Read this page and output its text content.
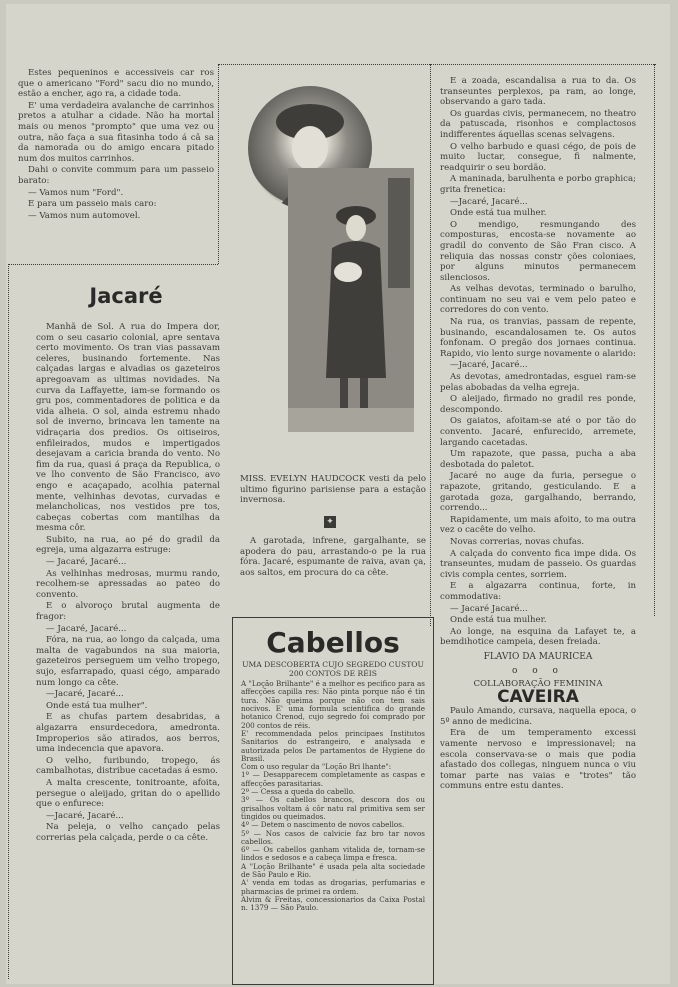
Estes pequeninos e accessiveis car ros que o americano "Ford" sacu dio no mundo, estão a encher, ago ra, a cidade toda.

E' uma verdadeira avalanche de carrinhos pretos a atulhar a cidade. Não ha mortal mais ou menos "prompto" que uma vez ou outra, não faça a sua fitasinha todo á câ sa da namorada ou do amigo encara pitado num dos muitos carrinhos.

Dahi o convite commum para um passeio barato:

— Vamos num "Ford".

E para um passeio mais caro:

— Vamos num automovel.

Jacaré

Manhã de Sol. A rua do Impera dor, com o seu casario colonial, apre sentava certo movimento. Os tran vias passavam celeres, businando fortemente. Nas calçadas largas e alvadias os gazeteiros apregoavam as ultimas novidades. Na curva da Laffayette, iam-se formando os gru pos, commentadores de politica e da vida alheia. O sol, ainda estremu nhado sol de inverno, brincava len tamente na vidraçaria dos predios. Os oitiseiros, enfileirados, mudos e impertigados desejavam a caricia branda do vento. No fim da rua, quasi á praça da Republica, o ve lho convento de São Francisco, avo engo e acaçapado, acolhia paternal mente, velhinhas devotas, curvadas e melancholicas, nos vestidos pre tos, cabeças cobertas com mantilhas da mesma côr.

Subito, na rua, ao pé do gradil da egreja, uma algazarra estruge:

— Jacaré, Jacaré...

As velhinhas medrosas, murmu rando, recolhem-se apressadas ao pateo do convento.

E o alvoroço brutal augmenta de fragor:

— Jacaré, Jacaré...

Fóra, na rua, ao longo da calçada, uma malta de vagabundos na sua maioria, gazeteiros perseguem um velho tropego, sujo, esfarrapado, quasi cégo, amparado num longo ca cête.

—Jacaré, Jacaré...

Onde está tua mulher".

E as chufas partem desabridas, a algazarra ensurdecedora, amedronta. Improperios são atirados, aos berros, uma indecencia que apavora.

O velho, furibundo, tropego, ás cambalhotas, distribue cacetadas á esmo.

A malta crescente, tonitroante, afoita, persegue o aleijado, gritan do o apellido que o enfurece:

—Jacaré, Jacaré...

Na peleja, o velho cançado pelas correrias pela calçada, perde o ca cête.

MISS. EVELYN HAUDCOCK vesti da pelo ultimo figurino parisiense para a estação invernosa.
✦

A garotada, infrene, gargalhante, se apodera do pau, arrastando-o pe la rua fóra. Jacaré, espumante de raiva, avan ça, aos saltos, em procura do ca cête.

Cabellos
UMA DESCOBERTA CUJO SEGREDO CUSTOU 200 CONTOS DE RÉIS

A "Loção Brilhante" é a melhor es pecifico para as affecções capilla res: Não pinta porque não é tin tura. Não queima porque não con tem sais nocivos. E' uma formula scientifica do grande botanico Crenod, cujo segredo foi comprado por 200 contos de réis.

E' recommendada pelos principaes Institutos Sanitarios do estrangeiro, e analysada e autorizada pelos De partamentos de Hygiene do Brasil.

Com o uso regular da "Loção Bri lhante":

1º — Desapparecem completamente as caspas e affecções parasitarias.

2º — Cessa a queda do cabello.

3º — Os cabellos brancos, descora dos ou grisalhos voltam á côr natu ral primitiva sem ser tingidos ou queimados.

4º — Detem o nascimento de novos cabellos.

5º — Nos casos de calvicie faz bro tar novos cabellos.

6º — Os cabellos ganham vitalida de, tornam-se lindos e sedosos e a cabeça limpa e fresca.

A "Loção Brilhante" é usada pela alta sociedade de São Paulo e Rio.

A' venda em todas as drogarias, perfumarias e pharmacias de primei ra ordem.

Alvim & Freitas, concessionarios da Caixa Postal n. 1379 — São Paulo.

E a zoada, escandalisa a rua to da. Os transeuntes perplexos, pa ram, ao longe, observando a garo tada.

Os guardas civis, permanecem, no theatro da patuscada, risonhos e complactosos indifferentes áquellas scenas selvagens.

O velho barbudo e quasi cégo, de pois de muito luctar, consegue, fi nalmente, readquirir o seu bordão.

A maninada, barulhenta e porbo graphica; grita freneticа:

—Jacaré, Jacaré...

Onde está tua mulher.

O mendigo, resmungando des composturas, encosta-se novamente ao gradil do convento de São Fran cisco. A reliquia das nossas constr ções coloniaes, por alguns minutos permanecem silenciosos.

As velhas devotas, terminado o barulho, continuam no seu vai e vem pelo pateo e corredores do con vento.

Na rua, os tranvias, passam de repente, businando, escandalosamen te. Os autos fonfonam. O pregão dos jornaes continua. Rapido, vio lento surge novamente o alarido:

—Jacaré, Jacaré...

As devotas, amedrontadas, esguei ram-se pelas abobadas da velha egreja.

O aleijado, firmado no gradil res ponde, descompondo.

Os gaiatos, afoitam-se até o por tão do convento. Jacaré, enfurecido, arremete, largando cacetadas.

Um rapazote, que passa, pucha a aba desbotada do paletot.

Jacaré no auge da furia, persegue o rapazote, gritando, gesticulando. E a garotada goza, gargalhando, berrando, correndo...

Rapidamente, um mais afoito, to ma outra vez o cacête do velho.

Novas correrias, novas chufas.

A calçada do convento fica impe dida. Os transeuntes, mudam de passeio. Os guardas civis compla centes, sorriem.

E a algazarra continua, forte, in commodativa:

— Jacaré Jacaré...

Onde está tua mulher.

Ao longe, na esquina da Lafayet te, a bemdihotice campeia, desen freiada.

FLAVIO DA MAURICEA
o o o
COLLABORAÇÃO FEMININA
CAVEIRA

Paulo Amando, cursava, naquella epoca, o 5º anno de medicina.

Era de um temperamento excessi vamente nervoso e impressionavel; na escola conservava-se o mais que podia afastado dos collegas, ninguem nunca o viu tomar parte nas vaias e "trotes" tão communs entre estu dantes.
